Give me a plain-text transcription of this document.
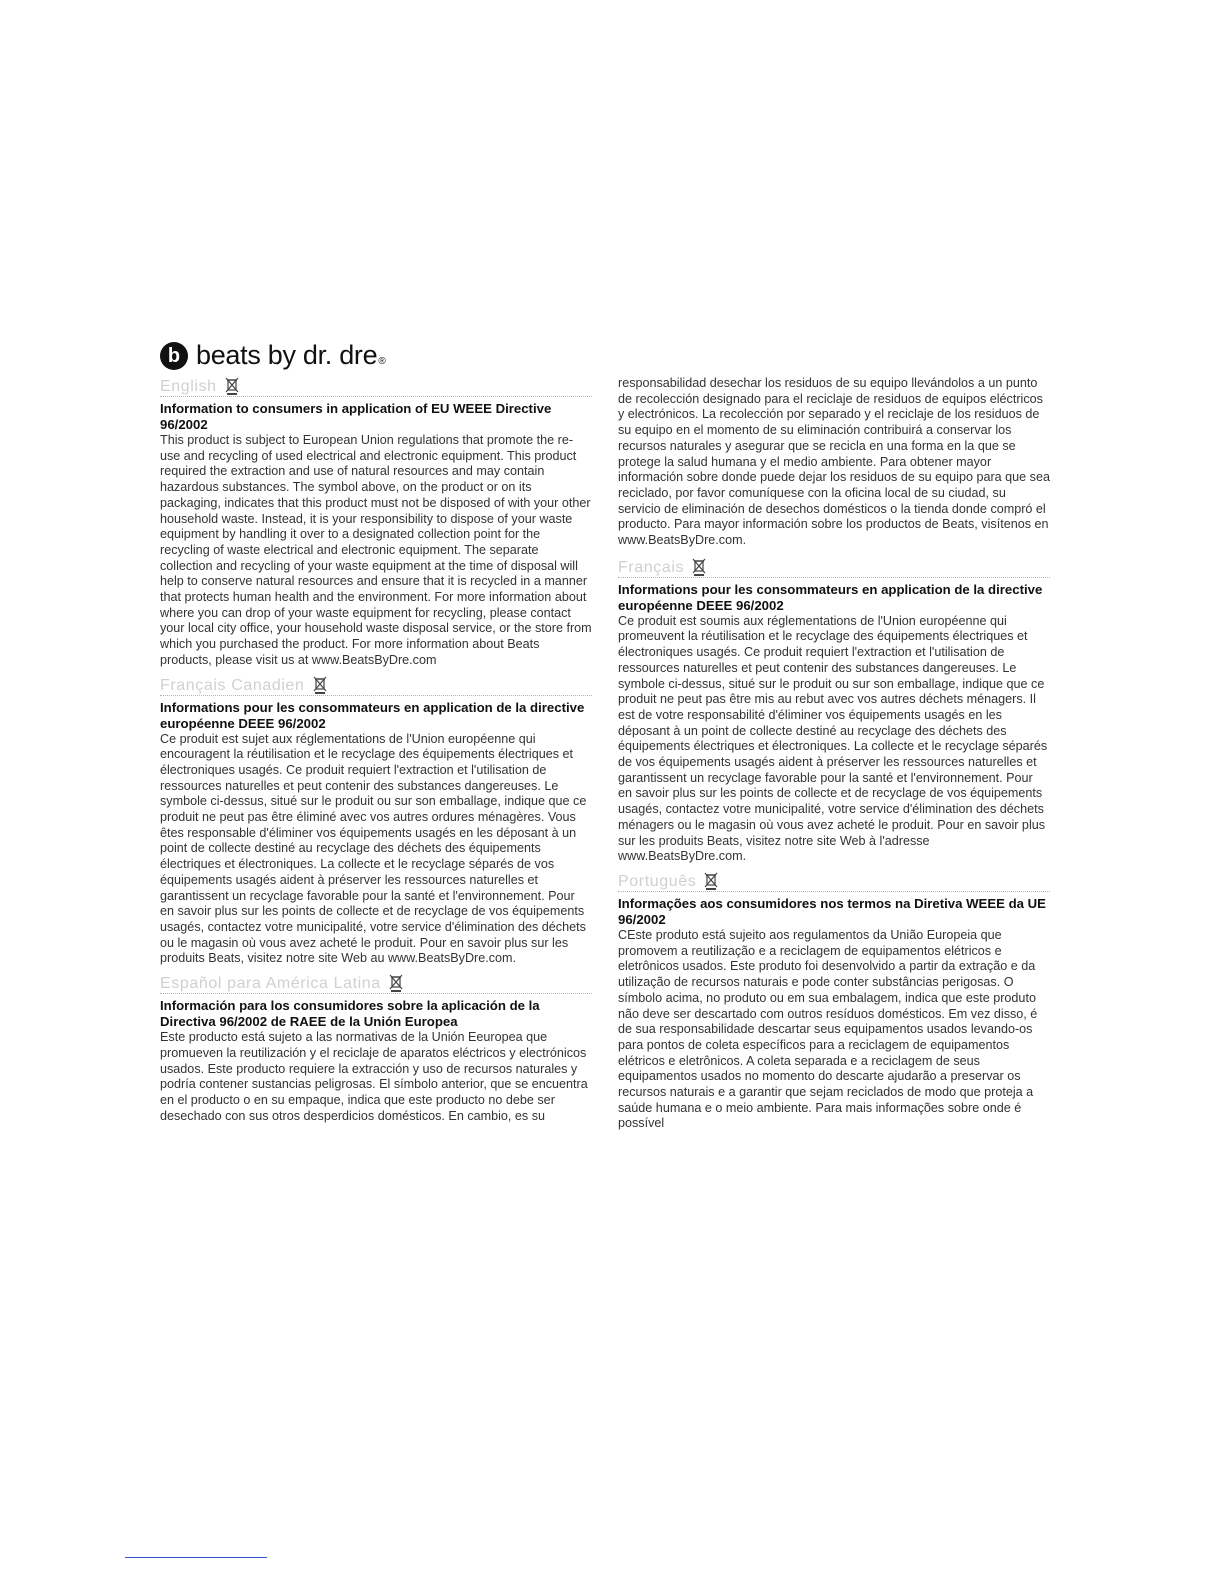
b beats by dr. dre®
English
Information to consumers in application of EU WEEE Directive 96/2002

This product is subject to European Union regulations that promote the re-use and recycling of used electrical and electronic equipment. This product required the extraction and use of natural resources and may contain hazardous substances. The symbol above, on the product or on its packaging, indicates that this product must not be disposed of with your other household waste. Instead, it is your responsibility to dispose of your waste equipment by handling it over to a designated collection point for the recycling of waste electrical and electronic equipment. The separate collection and recycling of your waste equipment at the time of disposal will help to conserve natural resources and ensure that it is recycled in a manner that protects human health and the environment. For more information about where you can drop of your waste equipment for recycling, please contact your local city office, your household waste disposal service, or the store from which you purchased the product. For more information about Beats products, please visit us at www.BeatsByDre.com

Français Canadien
Informations pour les consommateurs en application de la directive européenne DEEE 96/2002

Ce produit est sujet aux réglementations de l'Union européenne qui encouragent la réutilisation et le recyclage des équipements électriques et électroniques usagés. Ce produit requiert l'extraction et l'utilisation de ressources naturelles et peut contenir des substances dangereuses. Le symbole ci-dessus, situé sur le produit ou sur son emballage, indique que ce produit ne peut pas être éliminé avec vos autres ordures ménagères. Vous êtes responsable d'éliminer vos équipements usagés en les déposant à un point de collecte destiné au recyclage des déchets des équipements électriques et électroniques. La collecte et le recyclage séparés de vos équipements usagés aident à préserver les ressources naturelles et garantissent un recyclage favorable pour la santé et l'environnement. Pour en savoir plus sur les points de collecte et de recyclage de vos équipements usagés, contactez votre municipalité, votre service d'élimination des déchets ou le magasin où vous avez acheté le produit. Pour en savoir plus sur les produits Beats, visitez notre site Web au www.BeatsByDre.com.

Español para América Latina
Información para los consumidores sobre la aplicación de la Directiva 96/2002 de RAEE de la Unión Europea

Este producto está sujeto a las normativas de la Unión Eeuropea que promueven la reutilización y el reciclaje de aparatos eléctricos y electrónicos usados. Este producto requiere la extracción y uso de recursos naturales y podría contener sustancias peligrosas. El símbolo anterior, que se encuentra en el producto o en su empaque, indica que este producto no debe ser desechado con sus otros desperdicios domésticos. En cambio, es su

responsabilidad desechar los residuos de su equipo llevándolos a un punto de recolección designado para el reciclaje de residuos de equipos eléctricos y electrónicos. La recolección por separado y el reciclaje de los residuos de su equipo en el momento de su eliminación contribuirá a conservar los recursos naturales y asegurar que se recicla en una forma en la que se protege la salud humana y el medio ambiente. Para obtener mayor información sobre donde puede dejar los residuos de su equipo para que sea reciclado, por favor comuníquese con la oficina local de su ciudad, su servicio de eliminación de desechos domésticos o la tienda donde compró el producto. Para mayor información sobre los productos de Beats, visítenos en www.BeatsByDre.com.

Français
Informations pour les consommateurs en application de la directive européenne DEEE 96/2002

Ce produit est soumis aux réglementations de l'Union européenne qui promeuvent la réutilisation et le recyclage des équipements électriques et électroniques usagés. Ce produit requiert l'extraction et l'utilisation de ressources naturelles et peut contenir des substances dangereuses. Le symbole ci-dessus, situé sur le produit ou sur son emballage, indique que ce produit ne peut pas être mis au rebut avec vos autres déchets ménagers. Il est de votre responsabilité d'éliminer vos équipements usagés en les déposant à un point de collecte destiné au recyclage des déchets des équipements électriques et électroniques. La collecte et le recyclage séparés de vos équipements usagés aident à préserver les ressources naturelles et garantissent un recyclage favorable pour la santé et l'environnement. Pour en savoir plus sur les points de collecte et de recyclage de vos équipements usagés, contactez votre municipalité, votre service d'élimination des déchets ménagers ou le magasin où vous avez acheté le produit. Pour en savoir plus sur les produits Beats, visitez notre site Web à l'adresse www.BeatsByDre.com.

Português
Informações aos consumidores nos termos na Diretiva WEEE da UE 96/2002

CEste produto está sujeito aos regulamentos da União Europeia que promovem a reutilização e a reciclagem de equipamentos elétricos e eletrônicos usados. Este produto foi desenvolvido a partir da extração e da utilização de recursos naturais e pode conter substâncias perigosas. O símbolo acima, no produto ou em sua embalagem, indica que este produto não deve ser descartado com outros resíduos domésticos. Em vez disso, é de sua responsabilidade descartar seus equipamentos usados levando-os para pontos de coleta específicos para a reciclagem de equipamentos elétricos e eletrônicos. A coleta separada e a reciclagem de seus equipamentos usados no momento do descarte ajudarão a preservar os recursos naturais e a garantir que sejam reciclados de modo que proteja a saúde humana e o meio ambiente. Para mais informações sobre onde é possível
